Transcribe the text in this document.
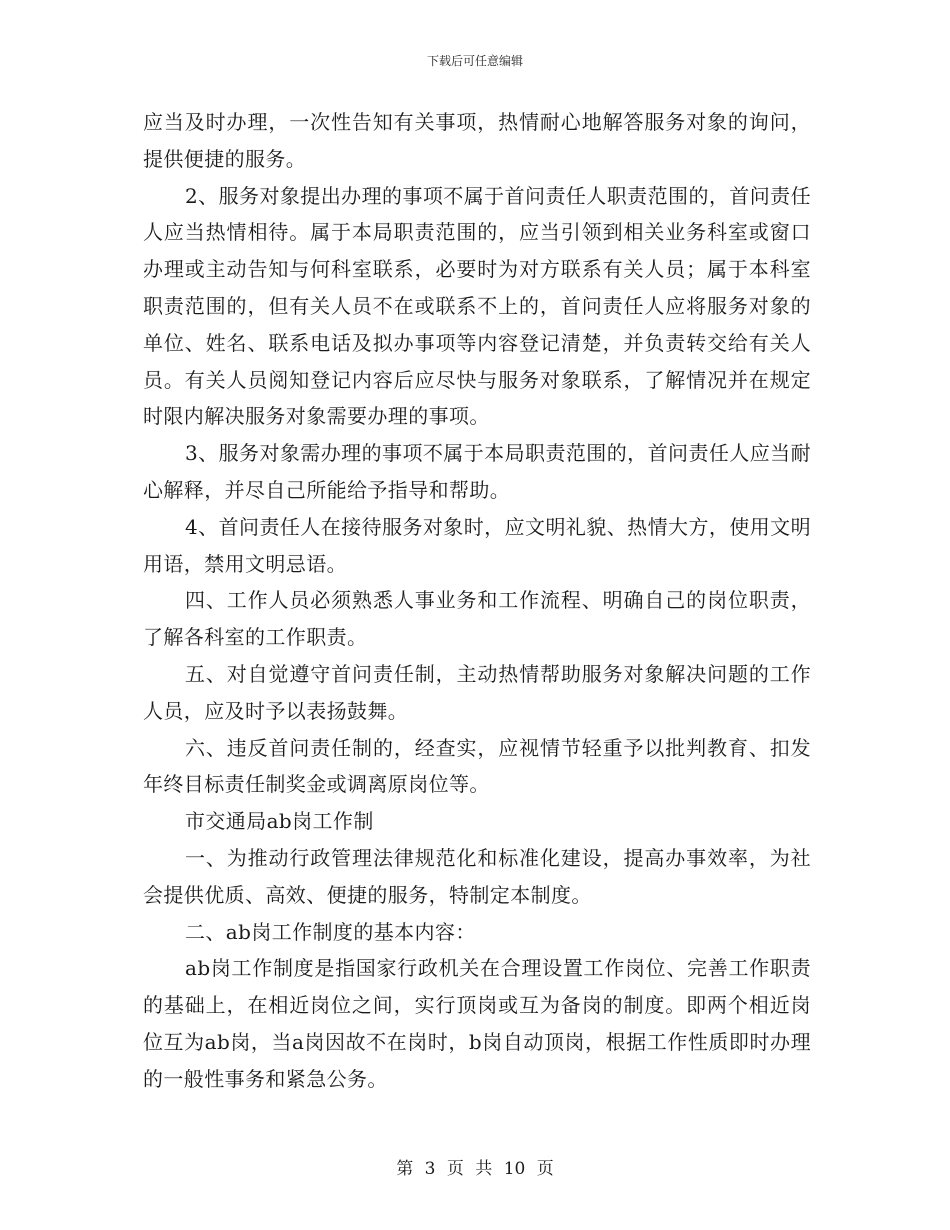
下载后可任意编辑

应当及时办理，一次性告知有关事项，热情耐心地解答服务对象的询问，提供便捷的服务。

2、服务对象提出办理的事项不属于首问责任人职责范围的，首问责任人应当热情相待。属于本局职责范围的，应当引领到相关业务科室或窗口办理或主动告知与何科室联系，必要时为对方联系有关人员；属于本科室职责范围的，但有关人员不在或联系不上的，首问责任人应将服务对象的单位、姓名、联系电话及拟办事项等内容登记清楚，并负责转交给有关人员。有关人员阅知登记内容后应尽快与服务对象联系，了解情况并在规定时限内解决服务对象需要办理的事项。

3、服务对象需办理的事项不属于本局职责范围的，首问责任人应当耐心解释，并尽自己所能给予指导和帮助。

4、首问责任人在接待服务对象时，应文明礼貌、热情大方，使用文明用语，禁用文明忌语。

四、工作人员必须熟悉人事业务和工作流程、明确自己的岗位职责，了解各科室的工作职责。

五、对自觉遵守首问责任制，主动热情帮助服务对象解决问题的工作人员，应及时予以表扬鼓舞。

六、违反首问责任制的，经查实，应视情节轻重予以批判教育、扣发年终目标责任制奖金或调离原岗位等。

市交通局ab岗工作制

一、为推动行政管理法律规范化和标准化建设，提高办事效率，为社会提供优质、高效、便捷的服务，特制定本制度。

二、ab岗工作制度的基本内容：

ab岗工作制度是指国家行政机关在合理设置工作岗位、完善工作职责的基础上，在相近岗位之间，实行顶岗或互为备岗的制度。即两个相近岗位互为ab岗，当a岗因故不在岗时，b岗自动顶岗，根据工作性质即时办理的一般性事务和紧急公务。

第 3 页 共 10 页
